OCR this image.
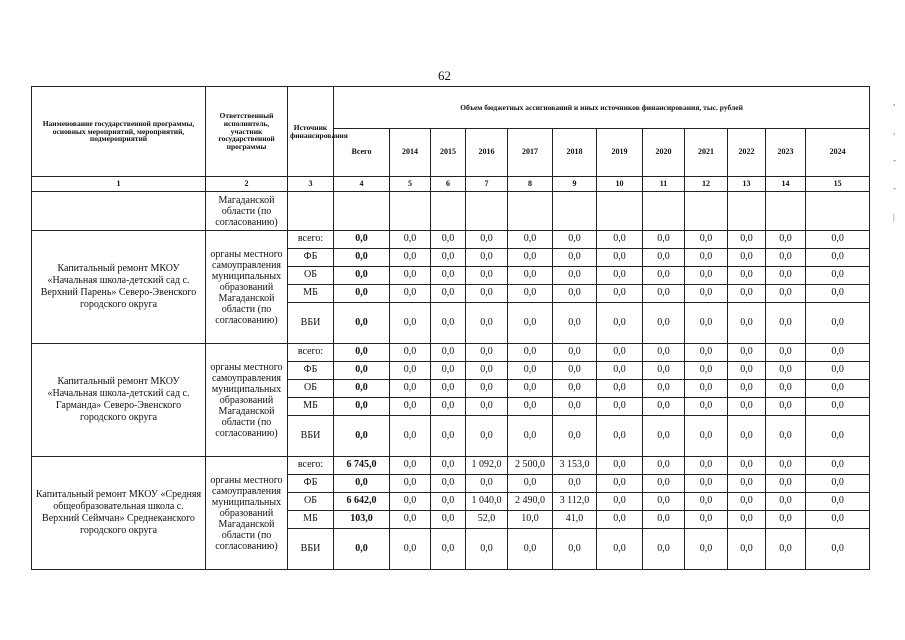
62
Наименование государственной программы, основных мероприятий, мероприятий, подмероприятий	Ответственный исполнитель, участник государственной программы	Источник финансирования	Объем бюджетных ассигнований и иных источников финансирования, тыс. рублей											
			Всего	2014	2015	2016	2017	2018	2019	2020	2021	2022	2023	2024
1	2	3	4	5	6	7	8	9	10	11	12	13	14	15
	Магаданской области (по согласованию)													
Капитальный ремонт МКОУ «Начальная школа-детский сад с. Верхний Парень» Северо-Эвенского городского округа	органы местного самоуправления муниципальных образований Магаданской области (по согласованию)	всего:	0,0	0,0	0,0	0,0	0,0	0,0	0,0	0,0	0,0	0,0	0,0	0,0
		ФБ	0,0	0,0	0,0	0,0	0,0	0,0	0,0	0,0	0,0	0,0	0,0	0,0
		ОБ	0,0	0,0	0,0	0,0	0,0	0,0	0,0	0,0	0,0	0,0	0,0	0,0
		МБ	0,0	0,0	0,0	0,0	0,0	0,0	0,0	0,0	0,0	0,0	0,0	0,0
		ВБИ	0,0	0,0	0,0	0,0	0,0	0,0	0,0	0,0	0,0	0,0	0,0	0,0
Капитальный ремонт МКОУ «Начальная школа-детский сад с. Гарманда» Северо-Эвенского городского округа	органы местного самоуправления муниципальных образований Магаданской области (по согласованию)	всего:	0,0	0,0	0,0	0,0	0,0	0,0	0,0	0,0	0,0	0,0	0,0	0,0
		ФБ	0,0	0,0	0,0	0,0	0,0	0,0	0,0	0,0	0,0	0,0	0,0	0,0
		ОБ	0,0	0,0	0,0	0,0	0,0	0,0	0,0	0,0	0,0	0,0	0,0	0,0
		МБ	0,0	0,0	0,0	0,0	0,0	0,0	0,0	0,0	0,0	0,0	0,0	0,0
		ВБИ	0,0	0,0	0,0	0,0	0,0	0,0	0,0	0,0	0,0	0,0	0,0	0,0
Капитальный ремонт МКОУ «Средняя общеобразовательная школа с. Верхний Сеймчан» Среднеканского городского округа	органы местного самоуправления муниципальных образований Магаданской области (по согласованию)	всего:	6 745,0	0,0	0,0	1 092,0	2 500,0	3 153,0	0,0	0,0	0,0	0,0	0,0	0,0
		ФБ	0,0	0,0	0,0	0,0	0,0	0,0	0,0	0,0	0,0	0,0	0,0	0,0
		ОБ	6 642,0	0,0	0,0	1 040,0	2 490,0	3 112,0	0,0	0,0	0,0	0,0	0,0	0,0
		МБ	103,0	0,0	0,0	52,0	10,0	41,0	0,0	0,0	0,0	0,0	0,0	0,0
		ВБИ	0,0	0,0	0,0	0,0	0,0	0,0	0,0	0,0	0,0	0,0	0,0	0,0
,

,

-

-

|
